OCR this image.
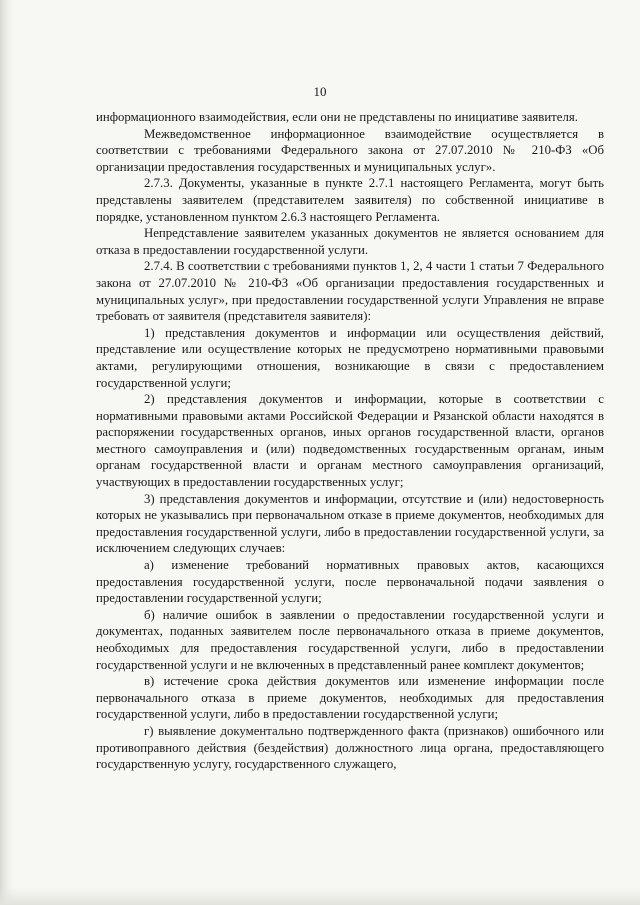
10

информационного взаимодействия, если они не представлены по инициативе заявителя.

Межведомственное информационное взаимодействие осуществляется в соответствии с требованиями Федерального закона от 27.07.2010 № 210-ФЗ «Об организации предоставления государственных и муниципальных услуг».

2.7.3. Документы, указанные в пункте 2.7.1 настоящего Регламента, могут быть представлены заявителем (представителем заявителя) по собственной инициативе в порядке, установленном пунктом 2.6.3 настоящего Регламента.

Непредставление заявителем указанных документов не является основанием для отказа в предоставлении государственной услуги.

2.7.4. В соответствии с требованиями пунктов 1, 2, 4 части 1 статьи 7 Федерального закона от 27.07.2010 № 210-ФЗ «Об организации предоставления государственных и муниципальных услуг», при предоставлении государственной услуги Управления не вправе требовать от заявителя (представителя заявителя):

1) представления документов и информации или осуществления действий, представление или осуществление которых не предусмотрено нормативными правовыми актами, регулирующими отношения, возникающие в связи с предоставлением государственной услуги;

2) представления документов и информации, которые в соответствии с нормативными правовыми актами Российской Федерации и Рязанской области находятся в распоряжении государственных органов, иных органов государственной власти, органов местного самоуправления и (или) подведомственных государственным органам, иным органам государственной власти и органам местного самоуправления организаций, участвующих в предоставлении государственных услуг;

3) представления документов и информации, отсутствие и (или) недостоверность которых не указывались при первоначальном отказе в приеме документов, необходимых для предоставления государственной услуги, либо в предоставлении государственной услуги, за исключением следующих случаев:

а) изменение требований нормативных правовых актов, касающихся предоставления государственной услуги, после первоначальной подачи заявления о предоставлении государственной услуги;

б) наличие ошибок в заявлении о предоставлении государственной услуги и документах, поданных заявителем после первоначального отказа в приеме документов, необходимых для предоставления государственной услуги, либо в предоставлении государственной услуги и не включенных в представленный ранее комплект документов;

в) истечение срока действия документов или изменение информации после первоначального отказа в приеме документов, необходимых для предоставления государственной услуги, либо в предоставлении государственной услуги;

г) выявление документально подтвержденного факта (признаков) ошибочного или противоправного действия (бездействия) должностного лица органа, предоставляющего государственную услугу, государственного служащего,
